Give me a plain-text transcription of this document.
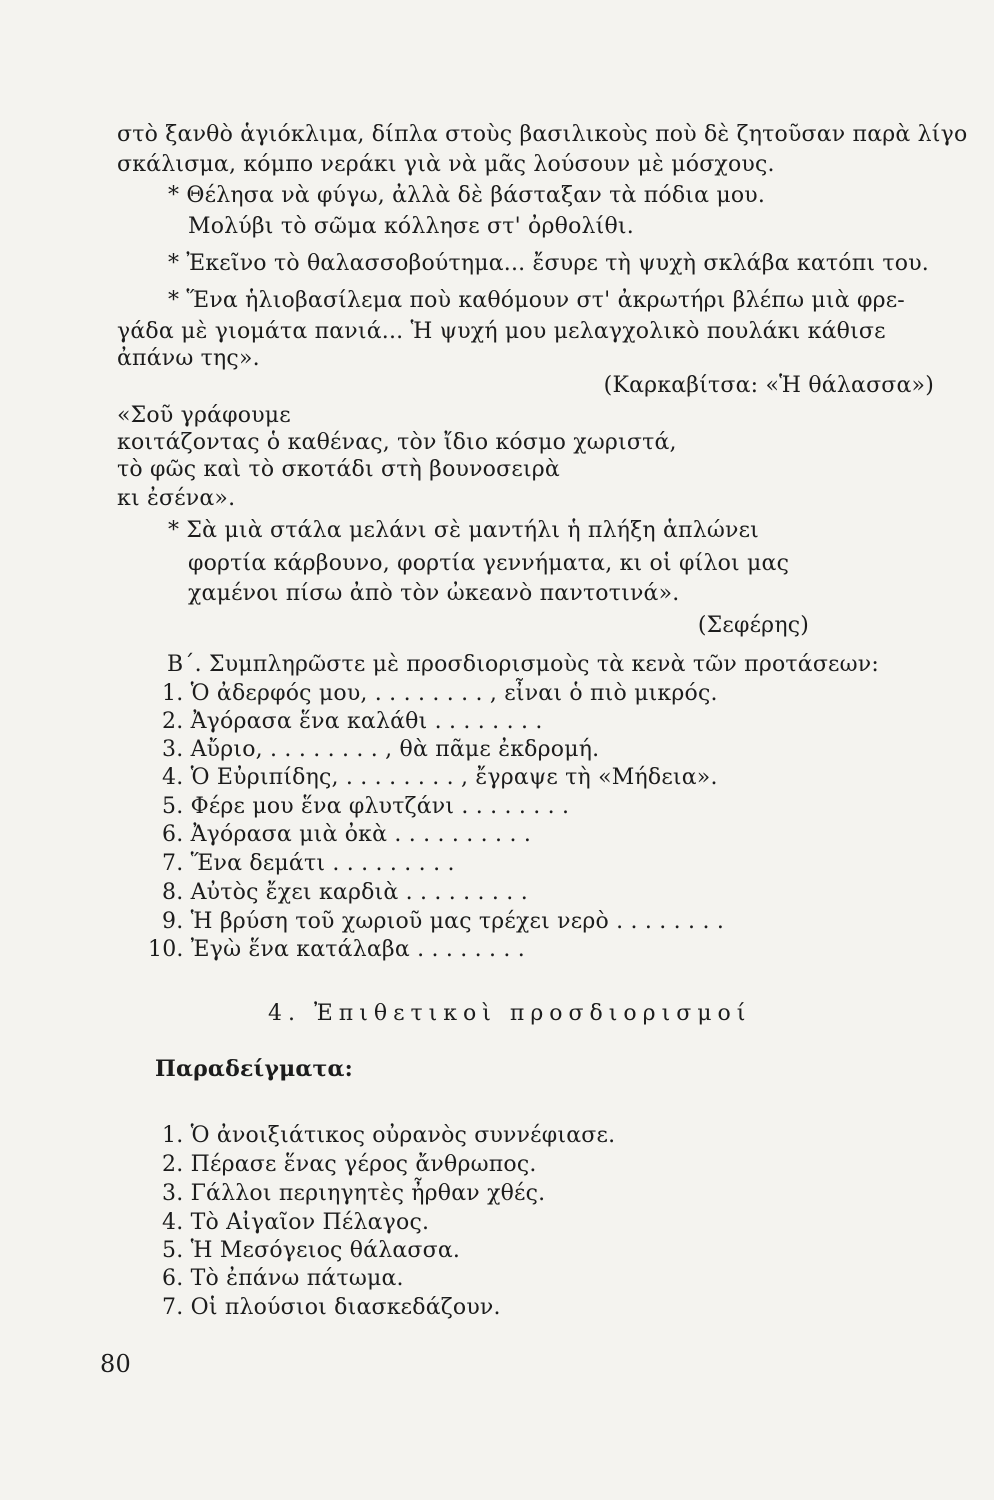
στὸ ξανθὸ ἁγιόκλιμα, δίπλα στοὺς βασιλικοὺς ποὺ δὲ ζητοῦσαν παρὰ λίγο
σκάλισμα, κόμπο νεράκι γιὰ νὰ μᾶς λούσουν μὲ μόσχους.
* Θέλησα νὰ φύγω, ἀλλὰ δὲ βάσταξαν τὰ πόδια μου.
Μολύβι τὸ σῶμα κόλλησε στ' ὀρθολίθι.
* Ἐκεῖνο τὸ θαλασσοβούτημα... ἔσυρε τὴ ψυχὴ σκλάβα κατόπι του.
* Ἕνα ἡλιοβασίλεμα ποὺ καθόμουν στ' ἀκρωτήρι βλέπω μιὰ φρε-
γάδα μὲ γιομάτα πανιά... Ἡ ψυχή μου μελαγχολικὸ πουλάκι κάθισε
ἀπάνω της».
(Καρκαβίτσα: «Ἡ θάλασσα»)
«Σοῦ γράφουμε
κοιτάζοντας ὁ καθένας, τὸν ἴδιο κόσμο χωριστά,
τὸ φῶς καὶ τὸ σκοτάδι στὴ βουνοσειρὰ
κι ἐσένα».
* Σὰ μιὰ στάλα μελάνι σὲ μαντήλι ἡ πλήξη ἁπλώνει
φορτία κάρβουνο, φορτία γεννήματα, κι οἱ φίλοι μας
χαμένοι πίσω ἀπὸ τὸν ὠκεανὸ παντοτινά».
(Σεφέρης)
Β΄. Συμπληρῶστε μὲ προσδιορισμοὺς τὰ κενὰ τῶν προτάσεων:
1. Ὁ ἀδερφός μου, . . . . . . . . , εἶναι ὁ πιὸ μικρός.
2. Ἀγόρασα ἕνα καλάθι . . . . . . . .
3. Αὔριο, . . . . . . . . , θὰ πᾶμε ἐκδρομή.
4. Ὁ Εὐριπίδης, . . . . . . . . , ἔγραψε τὴ «Μήδεια».
5. Φέρε μου ἕνα φλυτζάνι . . . . . . . .
6. Ἀγόρασα μιὰ ὀκὰ . . . . . . . . . .
7. Ἕνα δεμάτι . . . . . . . . .
8. Αὐτὸς ἔχει καρδιὰ . . . . . . . . .
9. Ἡ βρύση τοῦ χωριοῦ μας τρέχει νερὸ . . . . . . . .
10. Ἐγὼ ἕνα κατάλαβα . . . . . . . .
4. Ἐπιθετικοὶ προσδιορισμοί
Παραδείγματα:
1. Ὁ ἀνοιξιάτικος οὐρανὸς συννέφιασε.
2. Πέρασε ἕνας γέρος ἄνθρωπος.
3. Γάλλοι περιηγητὲς ἦρθαν χθές.
4. Τὸ Αἰγαῖον Πέλαγος.
5. Ἡ Μεσόγειος θάλασσα.
6. Τὸ ἐπάνω πάτωμα.
7. Οἱ πλούσιοι διασκεδάζουν.
80
